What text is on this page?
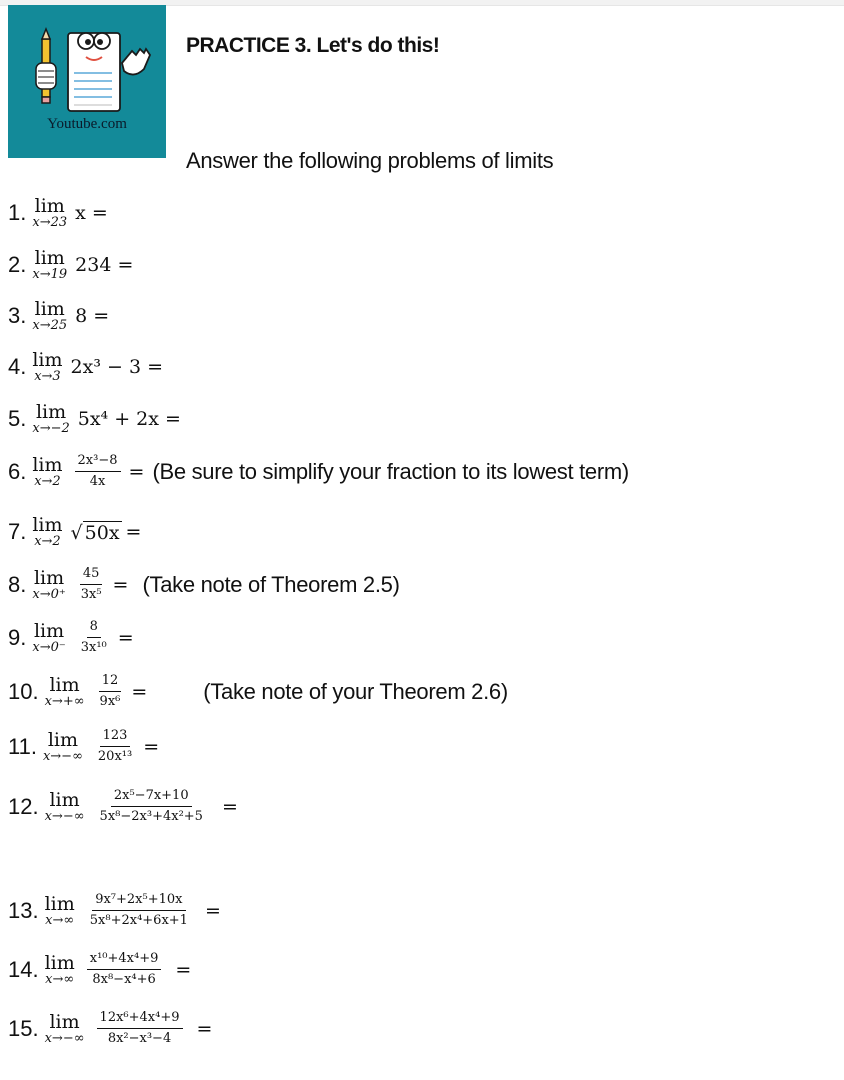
Youtube.com
PRACTICE 3. Let's do this!
Answer the following problems of limits
1. lim
x→23 x =
2. lim
x→19 234 =
3. lim
x→25 8 =
4. lim
x→3 2x³ − 3 =
5. lim
x→−2 5x⁴ + 2x =
6. lim
$x\to 2 \frac{\text{2x³−8}}{4x} = (Be$ sure to simplify your fraction to its lowest term)
7. lim
x→2 √ 50x =
8. lim
$x\to 0^+ \frac{45}{\text{3x⁵}}$ = (Take note of Theorem 2.5)
9. lim
$x\to 0^- \frac{8}{\text{3x¹⁰}}$ =
10. lim
$x\to+\infty \frac{12}{\text{9x⁶}}$ =	(Take note of your Theorem 2.6)
11. lim
$x\to-\infty \frac{123}{\text{20x¹³}}$ =
12. lim
$x\to-\infty \frac{\text{2x⁵−7x+10}}{\text{5x⁸−2x³+4x²+5}}$ =
13. lim
$x\to\infty \frac{\text{9x⁷+2x⁵+10x}}{\text{5x⁸+2x⁴+6x+1}}$ =
14. lim
$x\to\infty \frac{\text{x¹⁰+4x⁴+9}}{\text{8x⁸−x⁴+6}}$ =
15. lim
$x\to-\infty \frac{\text{12x⁶+4x⁴+9}}{\text{8x²−x³−4}}$ =
